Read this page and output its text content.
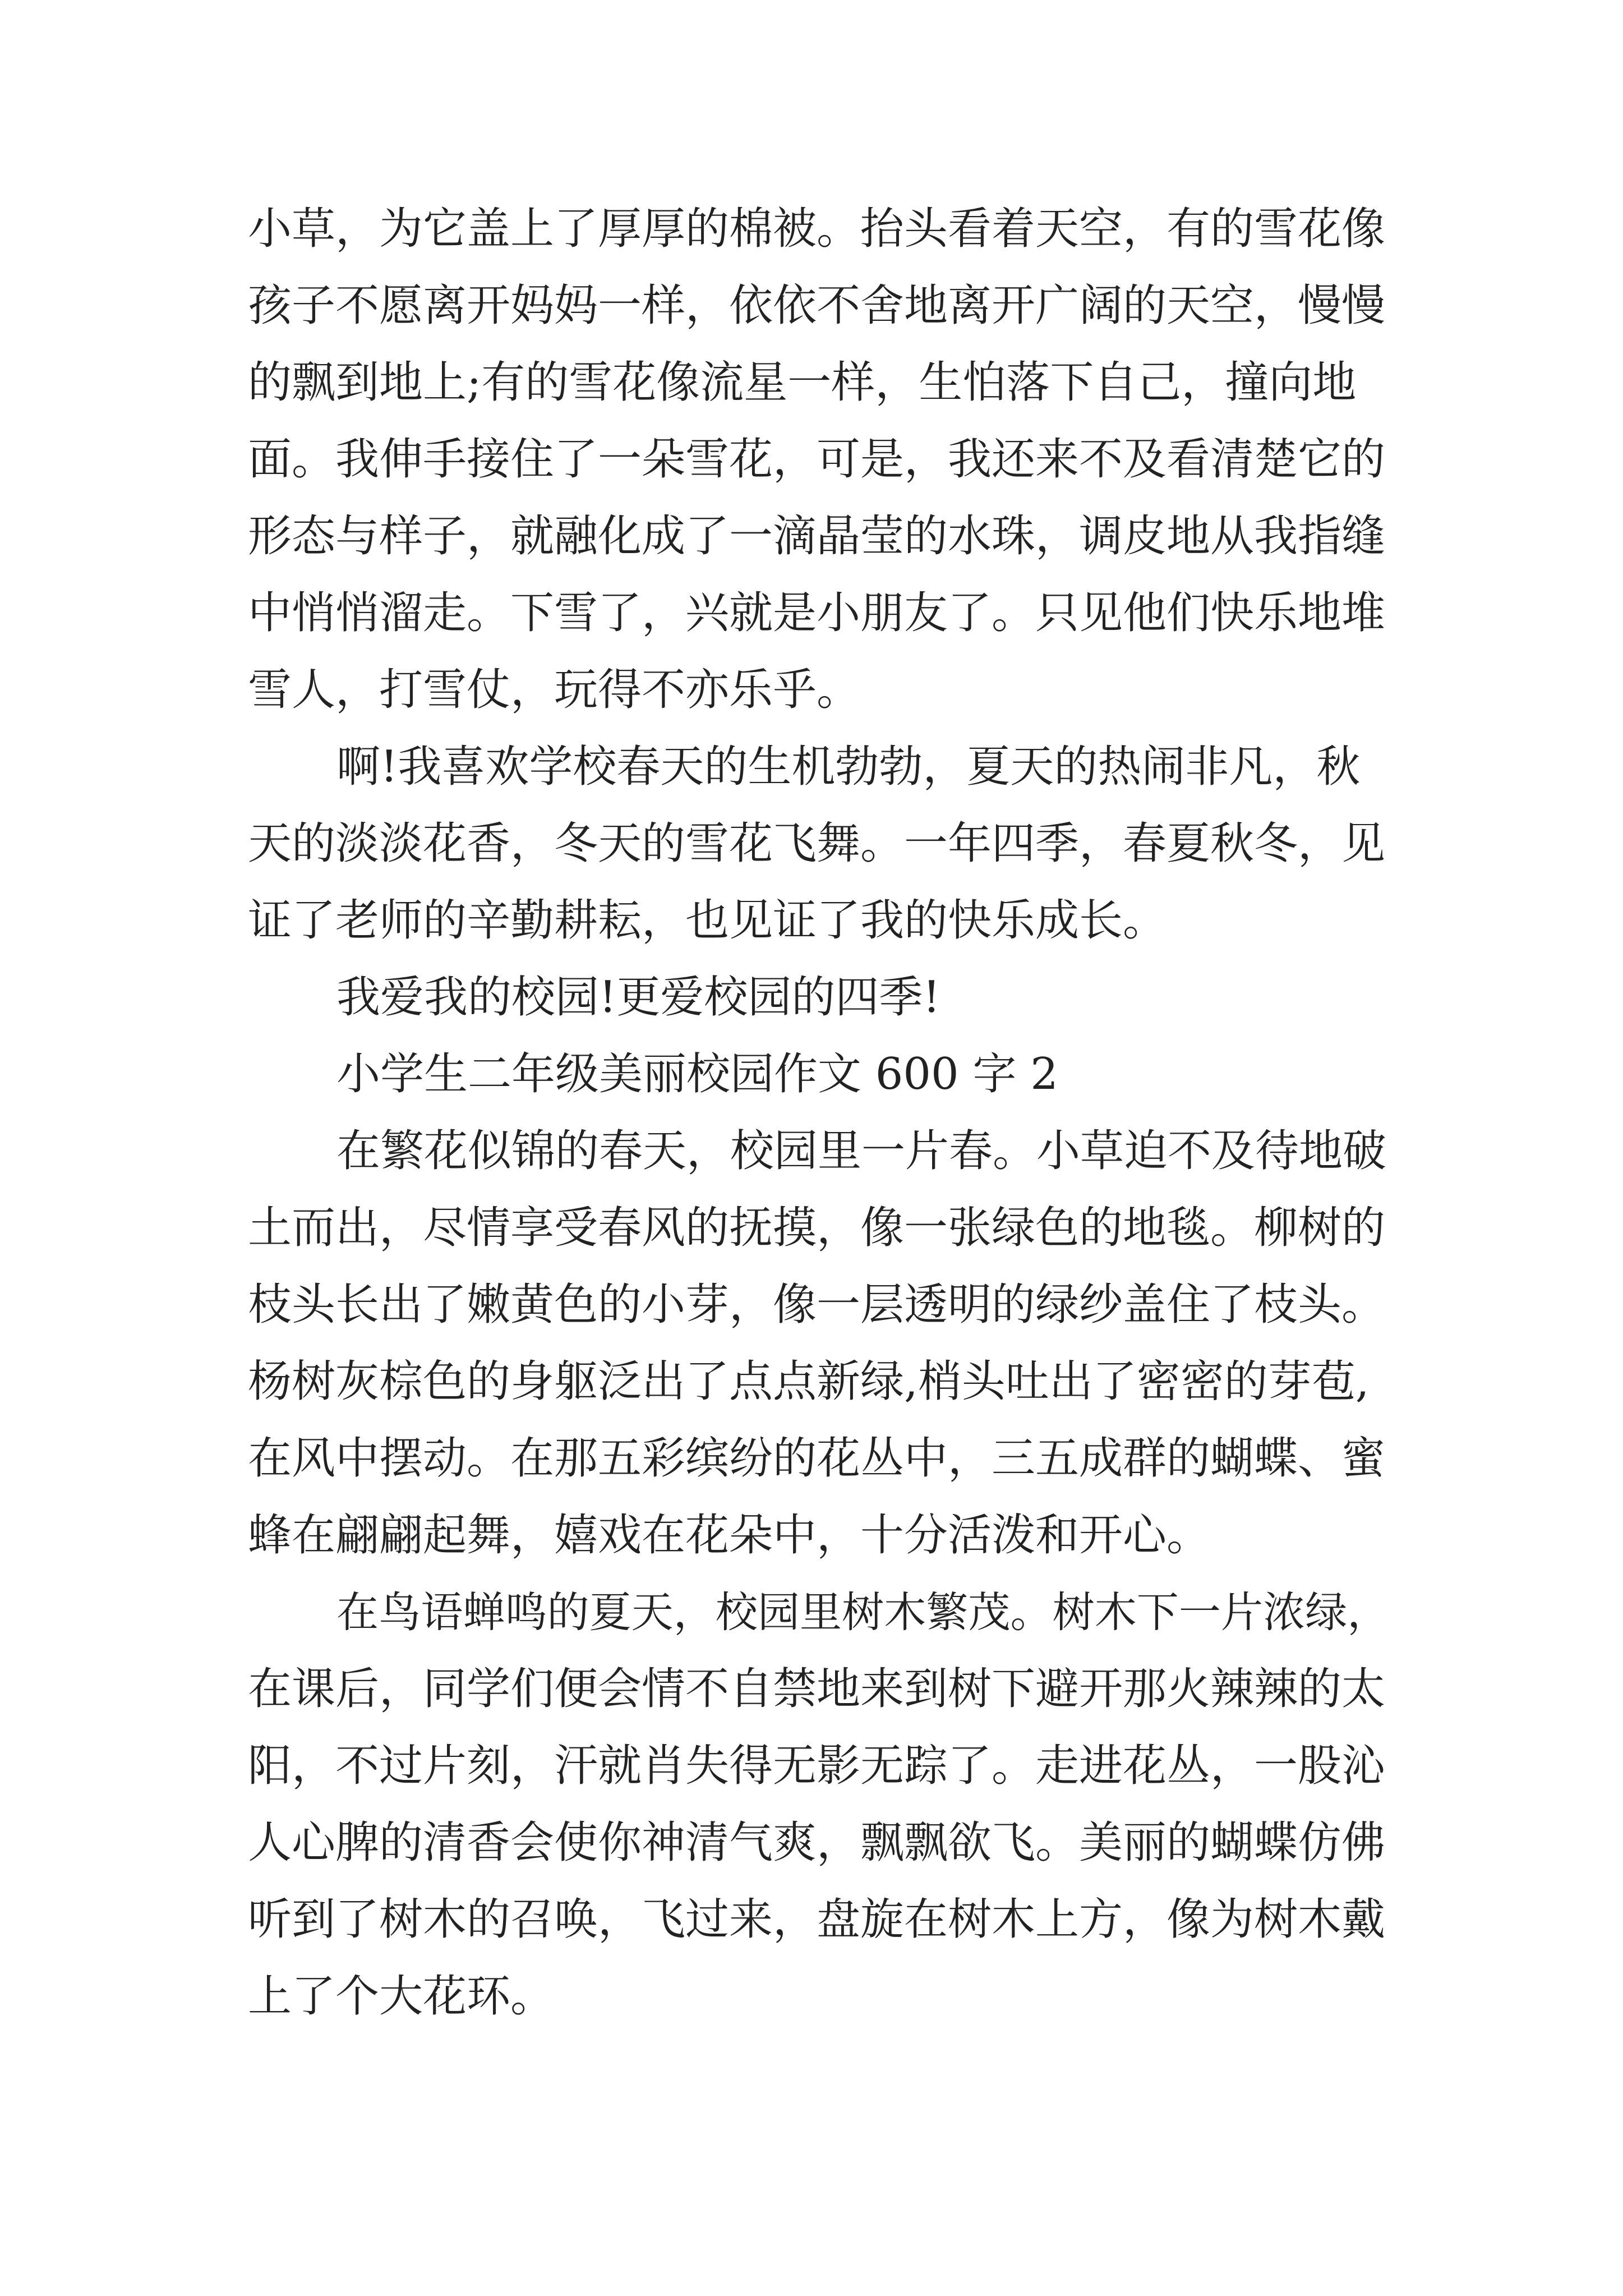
小草，为它盖上了厚厚的棉被。抬头看着天空，有的雪花像
孩子不愿离开妈妈一样，依依不舍地离开广阔的天空，慢慢
的飘到地上;有的雪花像流星一样，生怕落下自己，撞向地
面。我伸手接住了一朵雪花，可是，我还来不及看清楚它的
形态与样子，就融化成了一滴晶莹的水珠，调皮地从我指缝
中悄悄溜走。下雪了，兴就是小朋友了。只见他们快乐地堆
雪人，打雪仗，玩得不亦乐乎。
啊!我喜欢学校春天的生机勃勃，夏天的热闹非凡，秋
天的淡淡花香，冬天的雪花飞舞。一年四季，春夏秋冬，见
证了老师的辛勤耕耘，也见证了我的快乐成长。
我爱我的校园!更爱校园的四季!
小学生二年级美丽校园作文 600 字 2
在繁花似锦的春天，校园里一片春。小草迫不及待地破
土而出，尽情享受春风的抚摸，像一张绿色的地毯。柳树的
枝头长出了嫩黄色的小芽，像一层透明的绿纱盖住了枝头。
杨树灰棕色的身躯泛出了点点新绿,梢头吐出了密密的芽苞,
在风中摆动。在那五彩缤纷的花丛中，三五成群的蝴蝶、蜜
蜂在翩翩起舞，嬉戏在花朵中，十分活泼和开心。
在鸟语蝉鸣的夏天，校园里树木繁茂。树木下一片浓绿，
在课后，同学们便会情不自禁地来到树下避开那火辣辣的太
阳，不过片刻，汗就肖失得无影无踪了。走进花丛，一股沁
人心脾的清香会使你神清气爽，飘飘欲飞。美丽的蝴蝶仿佛
听到了树木的召唤，飞过来，盘旋在树木上方，像为树木戴
上了个大花环。
